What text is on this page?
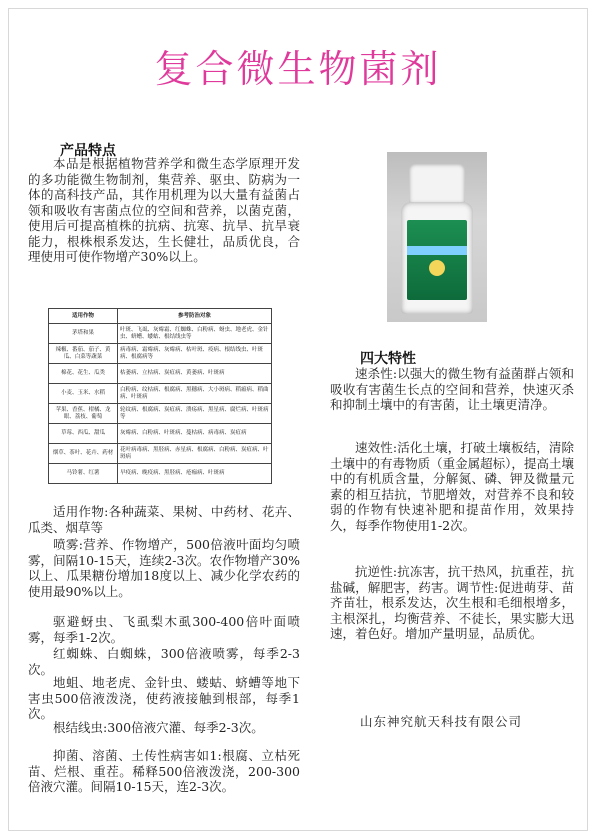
复合微生物菌剂
产品特点

本品是根据植物营养学和微生态学原理开发的多功能微生物制剂，集营养、驱虫、防病为一体的高科技产品，其作用机理为以大量有益菌占领和吸收有害菌点位的空间和营养，以菌克菌，使用后可提高植株的抗病、抗寒、抗旱、抗旱衰能力，根株根系发达，生长健壮，品质优良，合理使用可使作物增产30%以上。

适用作物	参考防治对象
茅塔和果	叶斑、飞虱、灰霉霜、红蜘蛛、白粉病、蚜虫、地老虎、金针虫、蛴螬、蝼蛄、根结线虫等
辣椒、番茄、茄子、黄瓜、白菜等蔬菜	病毒病、霜霉病、灰霉病、枯叶斑、疫病、根结线虫、叶斑病、根腐病等
棉花、花生、瓜类	枯萎病、立枯病、炭疽病、黄萎病、叶斑病
小麦、玉米、水稻	白粉病、纹枯病、根腐病、黑穗病、大小斑病、稻瘟病、稻曲病、叶斑病
苹果、香蕉、柑橘、龙眼、荔枝、葡萄	轮纹病、根腐病、炭疽病、溃疡病、黑星病、腐烂病、叶斑病等
草莓、西瓜、甜瓜	灰霉病、白粉病、叶斑病、蔓枯病、病毒病、炭疽病
烟草、茶叶、花卉、药材	花叶病毒病、黑胫病、赤星病、根腐病、白粉病、炭疽病、叶斑病
马铃薯、红薯	早疫病、晚疫病、黑胫病、疮痂病、叶斑病

适用作物:各种蔬菜、果树、中药材、花卉、瓜类、烟草等

喷雾:营养、作物增产，500倍液叶面均匀喷雾，间隔10-15天，连续2-3次。农作物增产30%以上、瓜果糖份增加18度以上、减少化学农药的使用最90%以上。

驱避蚜虫、飞虱梨木虱300-400倍叶面喷雾，每季1-2次。

红蜘蛛、白蜘蛛，300倍液喷雾，每季2-3次。

地蛆、地老虎、金针虫、蝼蛄、蛴螬等地下害虫500倍液泼浇，使药液接触到根部，每季1次。

根结线虫:300倍液穴灌、每季2-3次。

抑菌、溶菌、土传性病害如1:根腐、立枯死苗、烂根、重茬。稀释500倍液泼浇，200-300倍液穴灌。间隔10-15天，连2-3次。

四大特性

速杀性:以强大的微生物有益菌群占领和吸收有害菌生长点的空间和营养，快速灭杀和抑制土壤中的有害菌，让土壤更清净。

速效性:活化土壤，打破土壤板结，清除土壤中的有毒物质（重金属超标），提高土壤中的有机质含量，分解氮、磷、钾及微量元素的相互拮抗，节肥增效，对营养不良和较弱的作物有快速补肥和提苗作用，效果持久，每季作物使用1-2次。

抗逆性:抗冻害，抗干热风，抗重茬，抗盐碱，解肥害，药害。调节性:促进萌芽、苗齐苗壮，根系发达，次生根和毛细根增多，主根深扎，均衡营养、不徒长，果实膨大迅速，着色好。增加产量明显，品质优。

山东神究航天科技有限公司
